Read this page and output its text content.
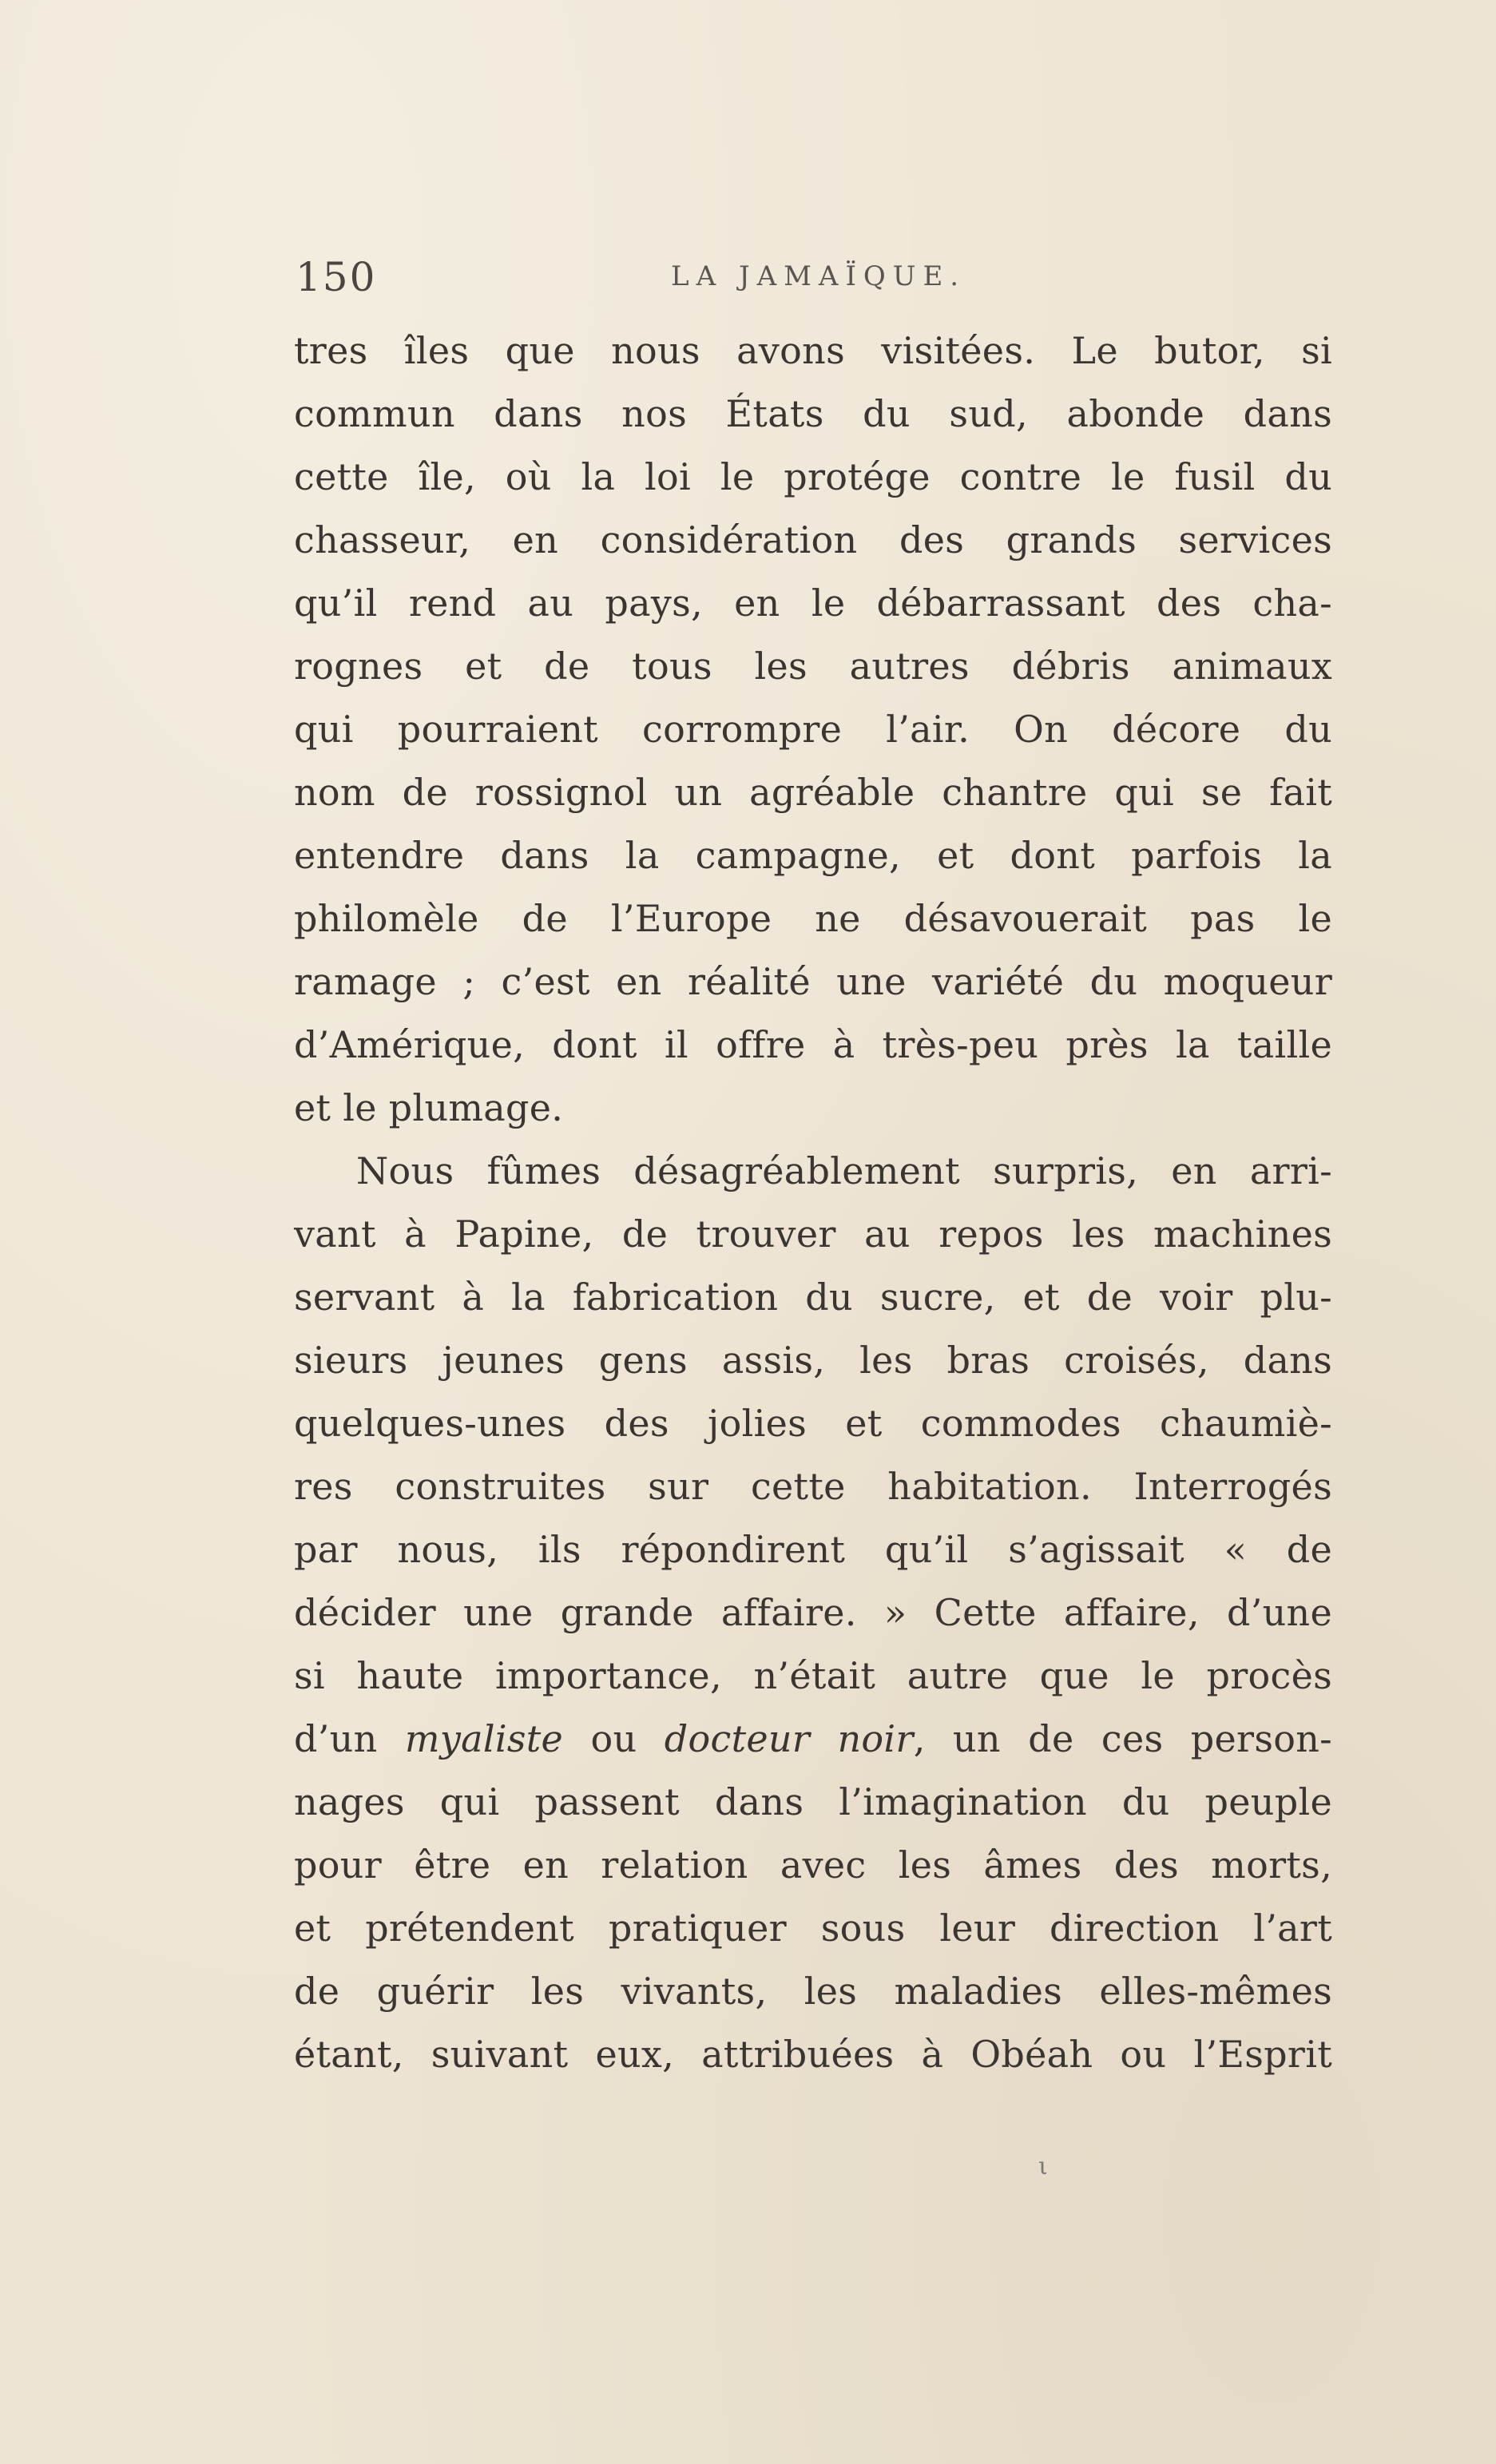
150	LA JAMAÏQUE.
tres îles que nous avons visitées. Le butor, si
commun dans nos États du sud, abonde dans
cette île, où la loi le protége contre le fusil du
chasseur, en considération des grands services
qu’il rend au pays, en le débarrassant des cha-
rognes et de tous les autres débris animaux
qui pourraient corrompre l’air. On décore du
nom de rossignol un agréable chantre qui se fait
entendre dans la campagne, et dont parfois la
philomèle de l’Europe ne désavouerait pas le
ramage ; c’est en réalité une variété du moqueur
d’Amérique, dont il offre à très-peu près la taille
et le plumage.
Nous fûmes désagréablement surpris, en arri-
vant à Papine, de trouver au repos les machines
servant à la fabrication du sucre, et de voir plu-
sieurs jeunes gens assis, les bras croisés, dans
quelques-unes des jolies et commodes chaumiè-
res construites sur cette habitation. Interrogés
par nous, ils répondirent qu’il s’agissait « de
décider une grande affaire. » Cette affaire, d’une
si haute importance, n’était autre que le procès
d’un myaliste ou docteur noir, un de ces person-
nages qui passent dans l’imagination du peuple
pour être en relation avec les âmes des morts,
et prétendent pratiquer sous leur direction l’art
de guérir les vivants, les maladies elles-mêmes
étant, suivant eux, attribuées à Obéah ou l’Esprit
ι
